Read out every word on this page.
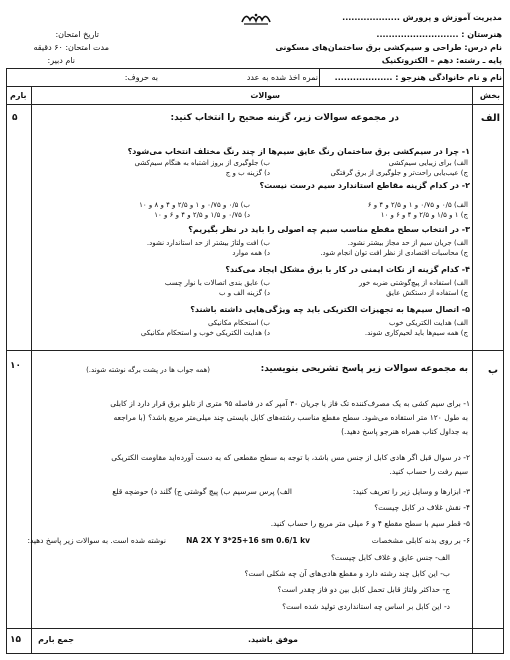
مدیریت آموزش و پرورش ...................
هنرستان : ...........................
نام درس: طراحی و سیم‌کشی برق ساختمان‌های مسکونی
پایه ـ رشته: دهم – الکتروتکنیک
تاریخ امتحان:
مدت امتحان: ۶۰ دقیقه
نام دبیر:
نام و نام خانوادگی هنرجو : ...................
نمره اخذ شده به عدد
به حروف:
بخش
سوالات
بارم
الف
۵	در مجموعه سوالات زیر، گزینه صحیح را انتخاب کنید:
۱- چرا در سیم‌کشی برق ساختمان رنگ عایق سیم‌ها از چند رنگ مختلف انتخاب می‌شود؟
الف) برای زیبایی سیم‌کشی
ب) جلوگیری از بروز اشتباه به هنگام سیم‌کشی
ج) عیب‌یابی راحت‌تر و جلوگیری از برق گرفتگی
د) گزینه ب و ج
۲- در کدام گزینه مقاطع استاندارد سیم درست نیست؟
الف) ۰/۵ و ۰/۷۵ و ۱ و ۲/۵ و ۴ و ۶
ب) ۰/۵ و ۰/۷۵ و ۱ و ۲/۵ و ۴ و ۸ و ۱۰
ج) ۱ و ۱/۵ و ۲/۵ و ۴ و ۶ و ۱۰
د) ۰/۷۵ و ۱/۵ و ۲/۵ و ۴ و ۶ و ۱۰
۳- در انتخاب سطح مقطع مناسب سیم چه اصولی را باید در نظر بگیریم؟
الف) جریان سیم از حد مجاز بیشتر نشود.
ب) افت ولتاژ بیشتر از حد استاندارد نشود.
ج) محاسبات اقتصادی از نظر افت توان انجام شود.
د) همه موارد
۴- کدام گزینه از نکات ایمنی در کار با برق مشکل ایجاد می‌کند؟
الف) استفاده از پیچ‌گوشتی ضربه خور
ب) عایق بندی اتصالات با نوار چسب
ج) استفاده از دستکش عایق
د) گزینه الف و ب
۵- اتصال سیم‌ها به تجهیزات الکتریکی باید چه ویژگی‌هایی داشته باشند؟
الف) هدایت الکتریکی خوب
ب) استحکام مکانیکی
ج) همه سیم‌ها باید لحیم‌کاری شوند.
د) هدایت الکتریکی خوب و استحکام مکانیکی
ب
۱۰	به مجموعه سوالات زیر پاسخ تشریحی بنویسید:
(همه جواب ها در پشت برگه نوشته شوند.)
۱- برای سیم کشی به یک مصرف‌کننده تک فاز با جریان ۳۰ آمپر که در فاصله ۹۵ متری از تابلو برق قرار دارد از کابلی
به طول ۱۲۰ متر استفاده می‌شود. سطح مقطع مناسب رشته‌های کابل بایستی چند میلی‌متر مربع باشد؟ (با مراجعه
به جداول کتاب همراه هنرجو پاسخ دهید.)
۲- در سوال قبل اگر هادی کابل از جنس مس باشد، با توجه به سطح مقطعی که به دست آورده‌اید مقاومت الکتریکی
سیم رفت را حساب کنید.
۳- ابزارها و وسایل زیر را تعریف کنید:
الف) پرس سرسیم ب) پیچ گوشتی ج) گلند د) حوضچه قلع
۴- نقش غلاف در کابل چیست؟
۵- قطر سیم با سطح مقطع ۴ و ۶ میلی متر مربع را حساب کنید.
۶- بر روی بدنه کابلی مشخصات
NA 2X Y 3*25+16 sm 0.6/1 kv
نوشته شده است. به سوالات زیر پاسخ دهید:
الف- جنس عایق و غلاف کابل چیست؟
ب- این کابل چند رشته دارد و مقطع هادی‌های آن چه شکلی است؟
ج- حداکثر ولتاژ قابل تحمل کابل بین دو فاز چقدر است؟
د- این کابل بر اساس چه استانداردی تولید شده است؟
۱۵ جمع بارم	موفق باشید.
